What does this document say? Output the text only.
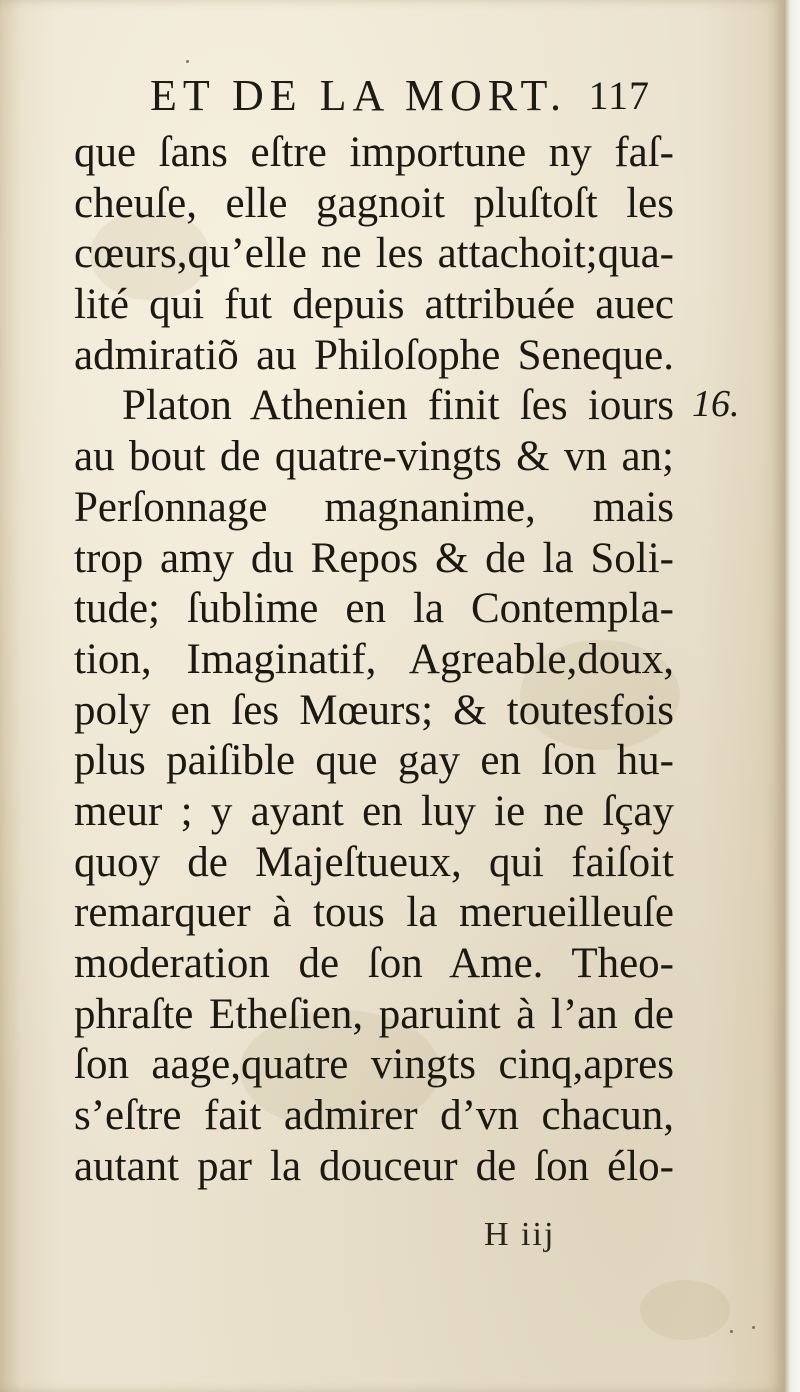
ET DE LA MORT. 117
que ſans eſtre importune ny faſ-
cheuſe, elle gagnoit pluſtoſt les
cœurs,qu’elle ne les attachoit;qua-
lité qui fut depuis attribuée auec
admiratiõ au Philoſophe Seneque.
Platon Athenien finit ſes iours
au bout de quatre-vingts & vn an;
Perſonnage magnanime, mais
trop amy du Repos & de la Soli-
tude; ſublime en la Contempla-
tion, Imaginatif, Agreable,doux,
poly en ſes Mœurs; & toutesfois
plus paiſible que gay en ſon hu-
meur ; y ayant en luy ie ne ſçay
quoy de Majeſtueux, qui faiſoit
remarquer à tous la merueilleuſe
moderation de ſon Ame. Theo-
phraſte Etheſien, paruint à l’an de
ſon aage,quatre vingts cinq,apres
s’eſtre fait admirer d’vn chacun,
autant par la douceur de ſon élo-
16.
H iij
